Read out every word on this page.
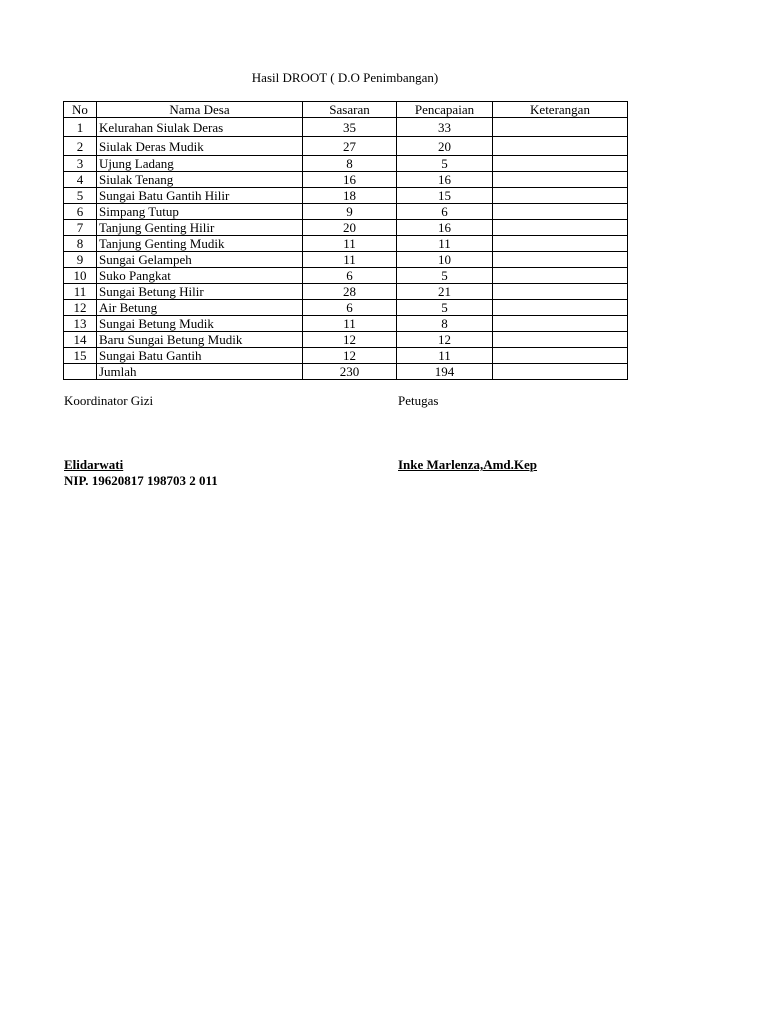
Hasil DROOT ( D.O Penimbangan)
No	Nama Desa	Sasaran	Pencapaian	Keterangan
1	Kelurahan Siulak Deras	35	33	
2	Siulak Deras Mudik	27	20	
3	Ujung Ladang	8	5	
4	Siulak Tenang	16	16	
5	Sungai Batu Gantih Hilir	18	15	
6	Simpang Tutup	9	6	
7	Tanjung Genting Hilir	20	16	
8	Tanjung Genting Mudik	11	11	
9	Sungai Gelampeh	11	10	
10	Suko Pangkat	6	5	
11	Sungai Betung Hilir	28	21	
12	Air Betung	6	5	
13	Sungai Betung Mudik	11	8	
14	Baru Sungai Betung Mudik	12	12	
15	Sungai Batu Gantih	12	11	
	Jumlah	230	194	
Koordinator Gizi	Petugas
Elidarwati	Inke Marlenza,Amd.Kep
NIP. 19620817 198703 2 011
